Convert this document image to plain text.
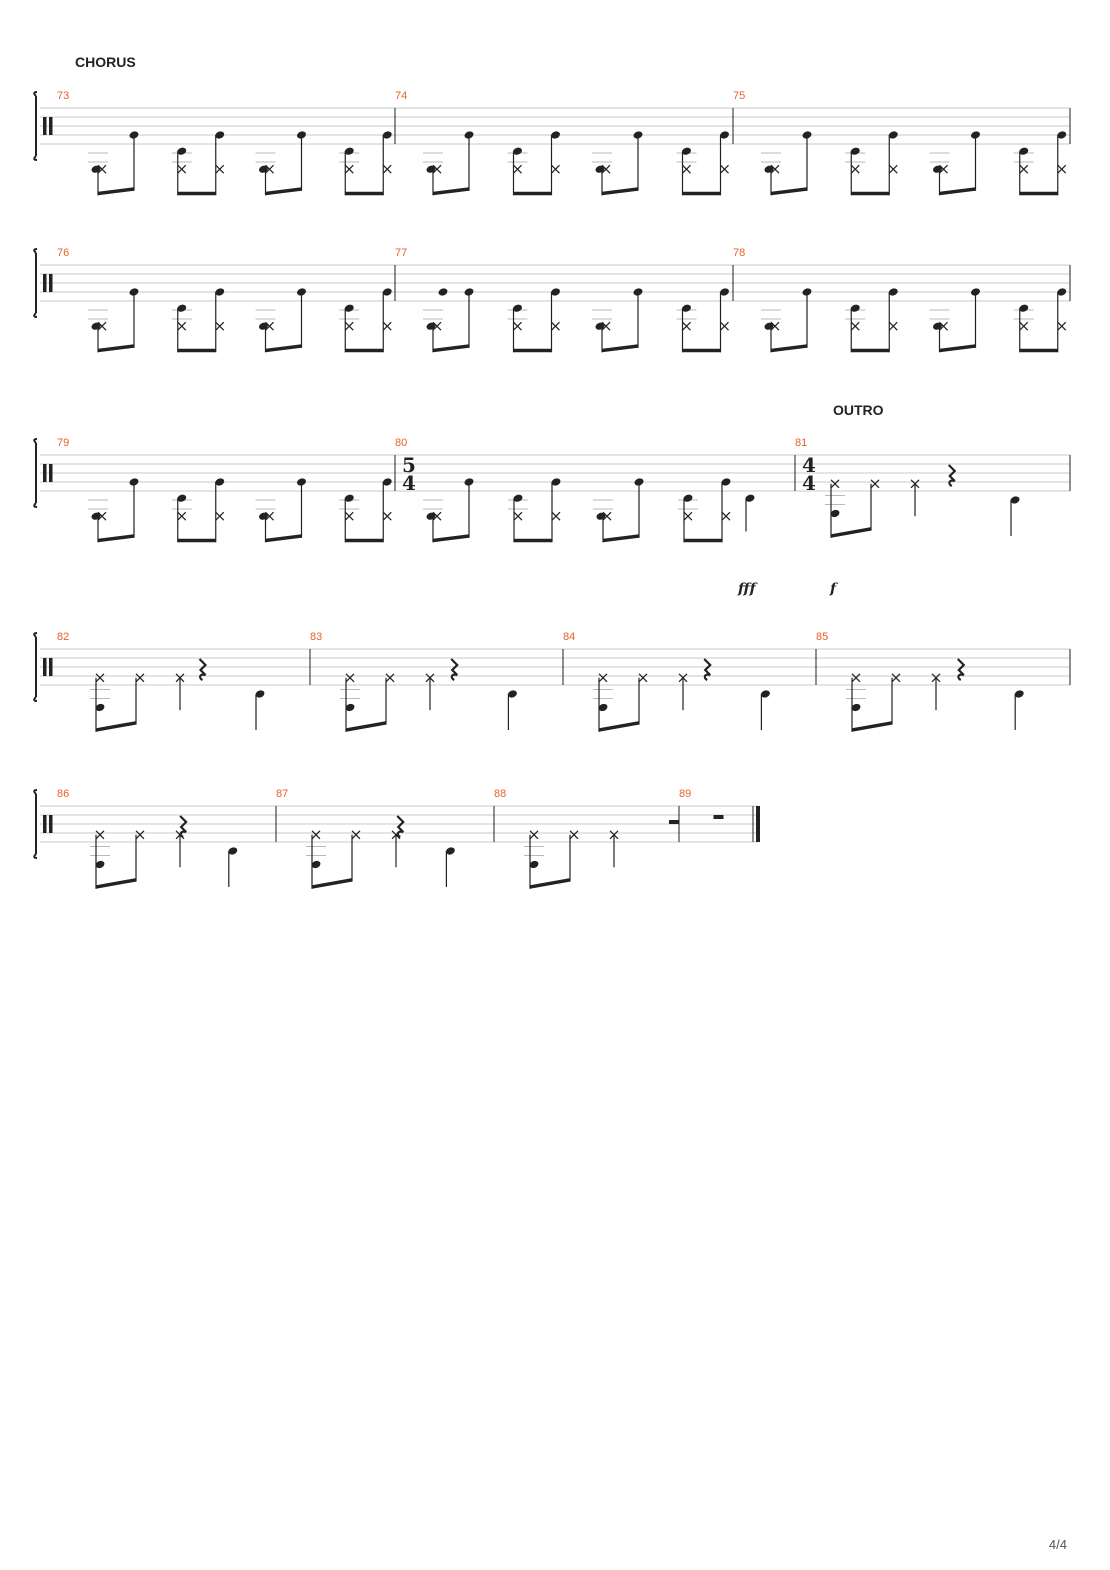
CHORUS
OUTRO
73	74	75
76	77	78
79	80
5
4
81
4
4
82	83	84	85
86	87	88	89
fff	f
4/4
